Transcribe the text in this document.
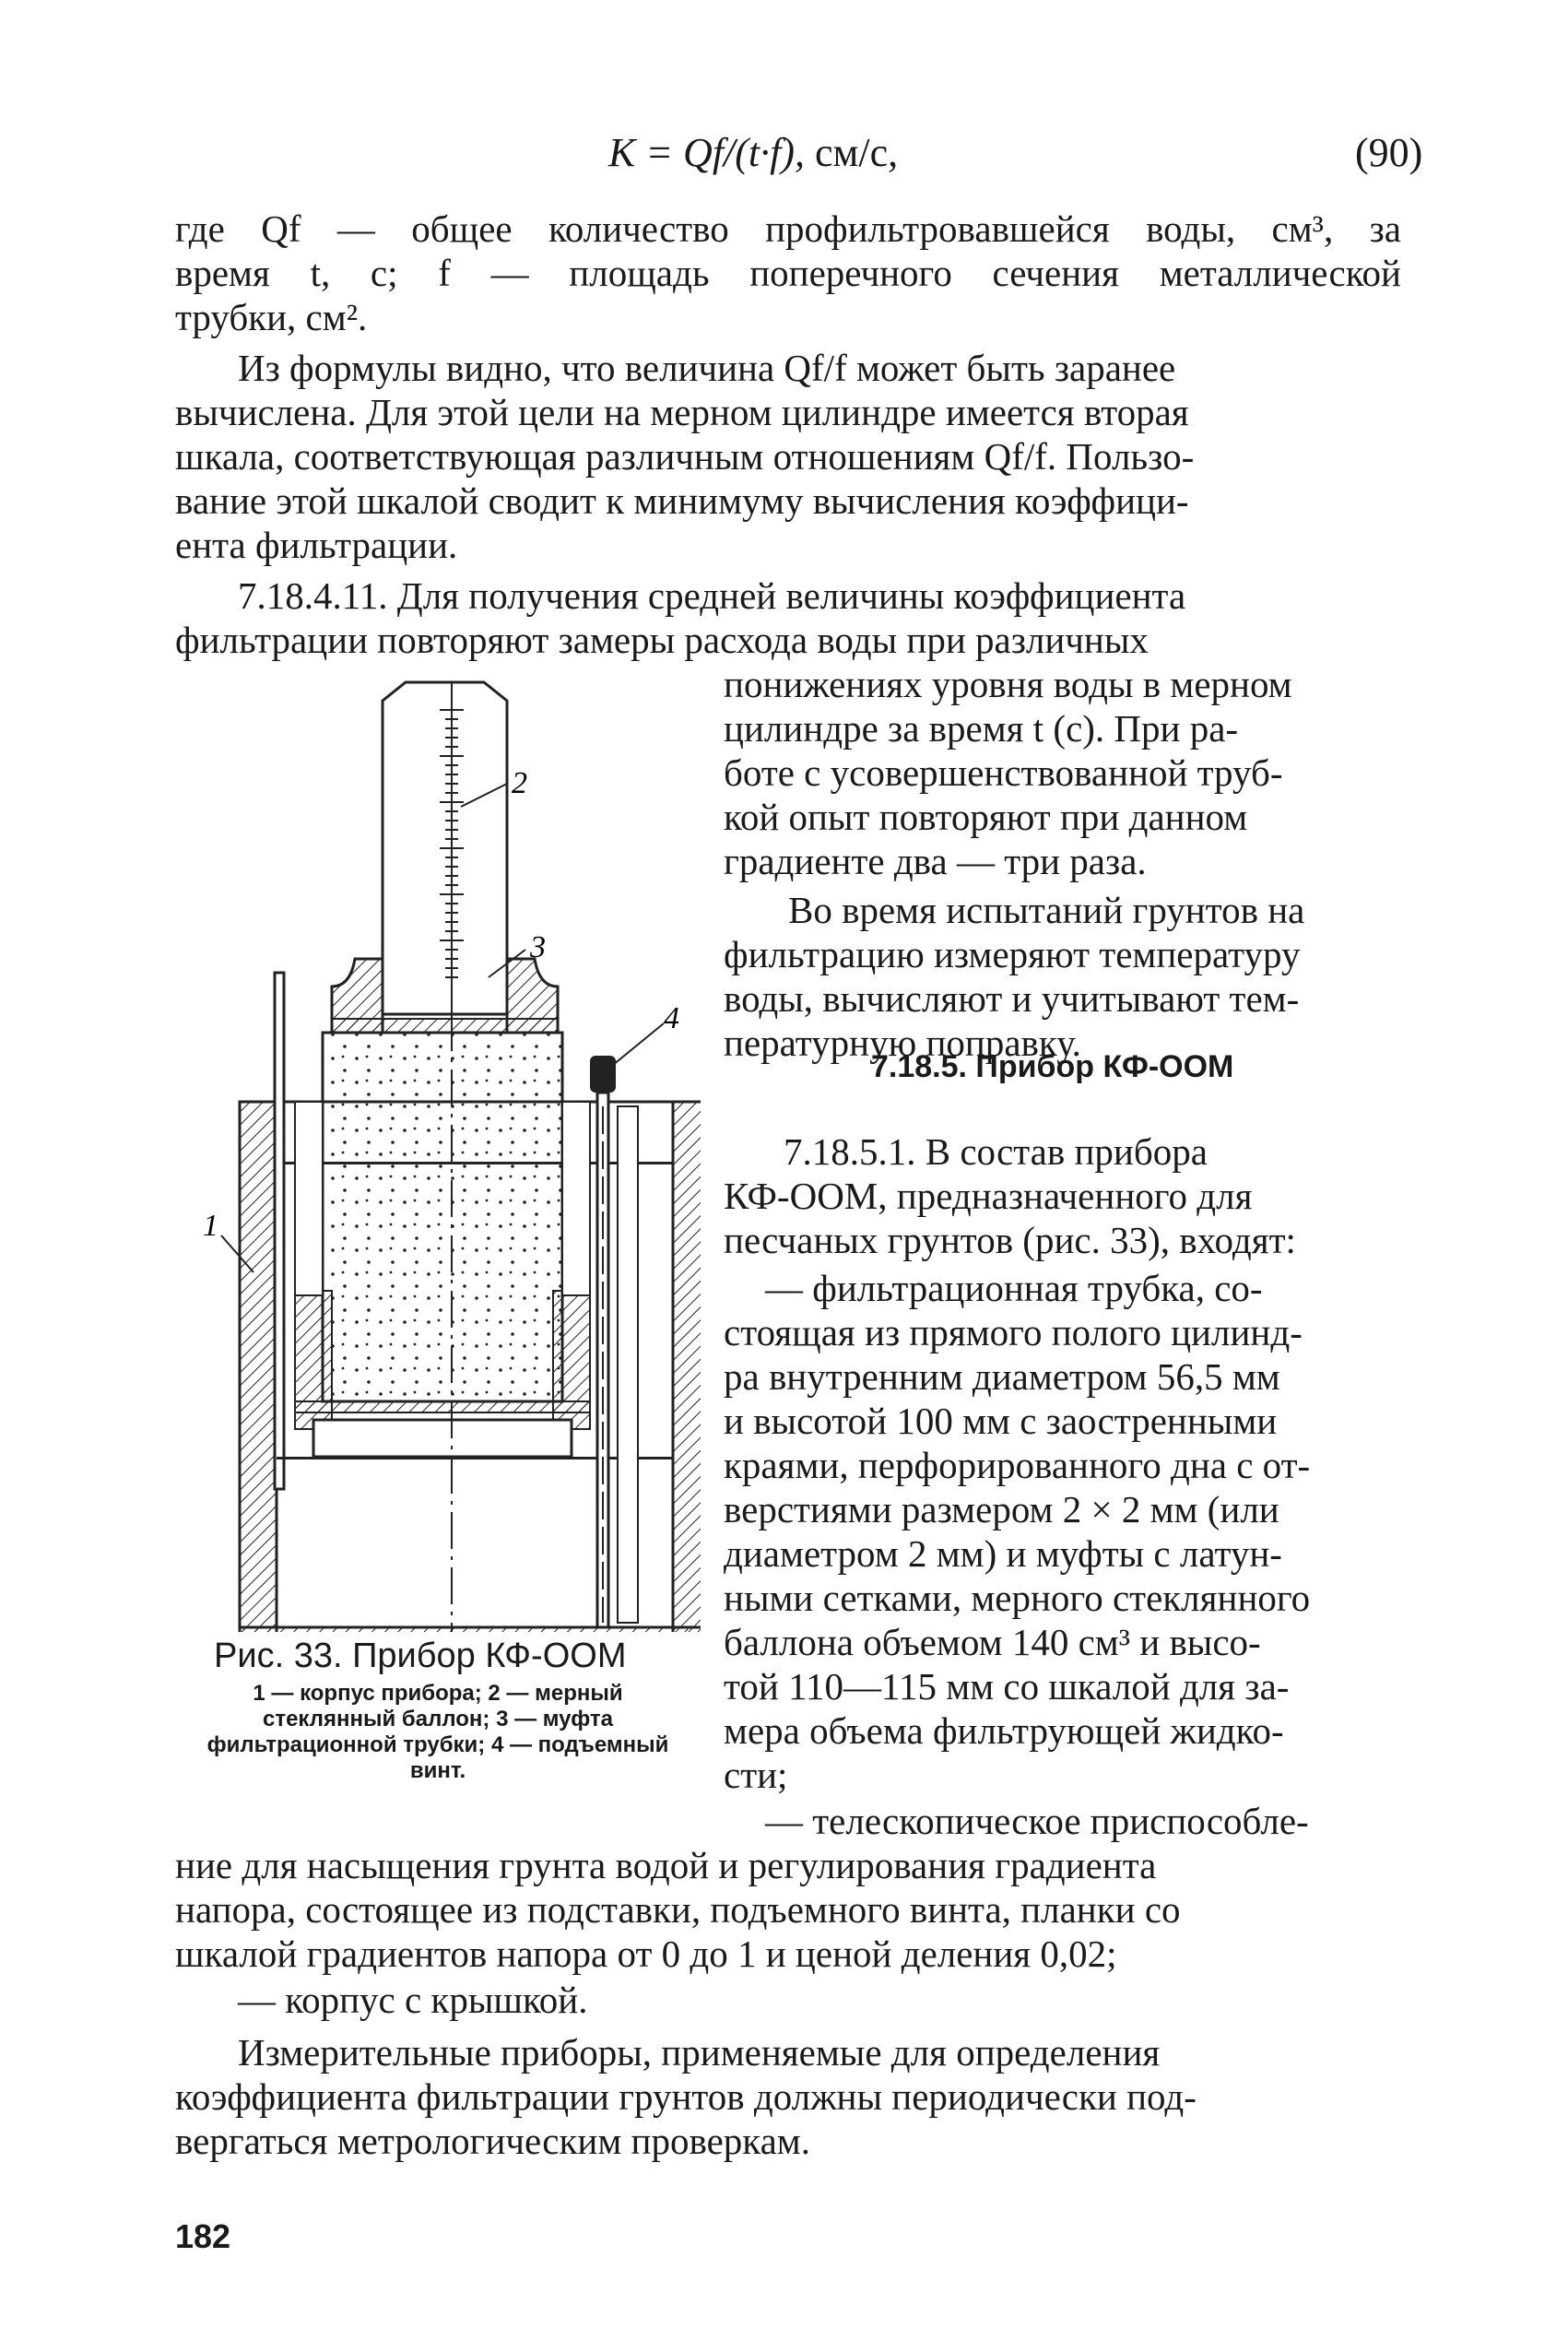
K = Qf/(t·f), см/с,	(90)
где Qf — общее количество профильтровавшейся воды, см³, за
время t, с; f — площадь поперечного сечения металлической
трубки, см².
Из формулы видно, что величина Qf/f может быть заранее
вычислена. Для этой цели на мерном цилиндре имеется вторая
шкала, соответствующая различным отношениям Qf/f. Пользо-
вание этой шкалой сводит к минимуму вычисления коэффици-
ента фильтрации.
7.18.4.11. Для получения средней величины коэффициента
фильтрации повторяют замеры расхода воды при различных
понижениях уровня воды в мерном
цилиндре за время t (с). При ра-
боте с усовершенствованной труб-
кой опыт повторяют при данном
градиенте два — три раза.
Во время испытаний грунтов на
фильтрацию измеряют температуру
воды, вычисляют и учитывают тем-
пературную поправку.
7.18.5. Прибор КФ-ООМ
7.18.5.1. В состав прибора
КФ-ООМ, предназначенного для
песчаных грунтов (рис. 33), входят:
— фильтрационная трубка, со-
стоящая из прямого полого цилинд-
ра внутренним диаметром 56,5 мм
и высотой 100 мм с заостренными
краями, перфорированного дна с от-
верстиями размером 2 × 2 мм (или
диаметром 2 мм) и муфты с латун-
ными сетками, мерного стеклянного
баллона объемом 140 см³ и высо-
той 110—115 мм со шкалой для за-
мера объема фильтрующей жидко-
сти;
— телескопическое приспособле-
ние для насыщения грунта водой и регулирования градиента
напора, состоящее из подставки, подъемного винта, планки со
шкалой градиентов напора от 0 до 1 и ценой деления 0,02;
— корпус с крышкой.
Измерительные приборы, применяемые для определения
коэффициента фильтрации грунтов должны периодически под-
вергаться метрологическим проверкам.
2
3
4
1
Рис. 33. Прибор КФ-ООМ
1 — корпус прибора; 2 — мерный стеклянный баллон; 3 — муфта фильтрационной трубки; 4 — подъемный винт.
182
